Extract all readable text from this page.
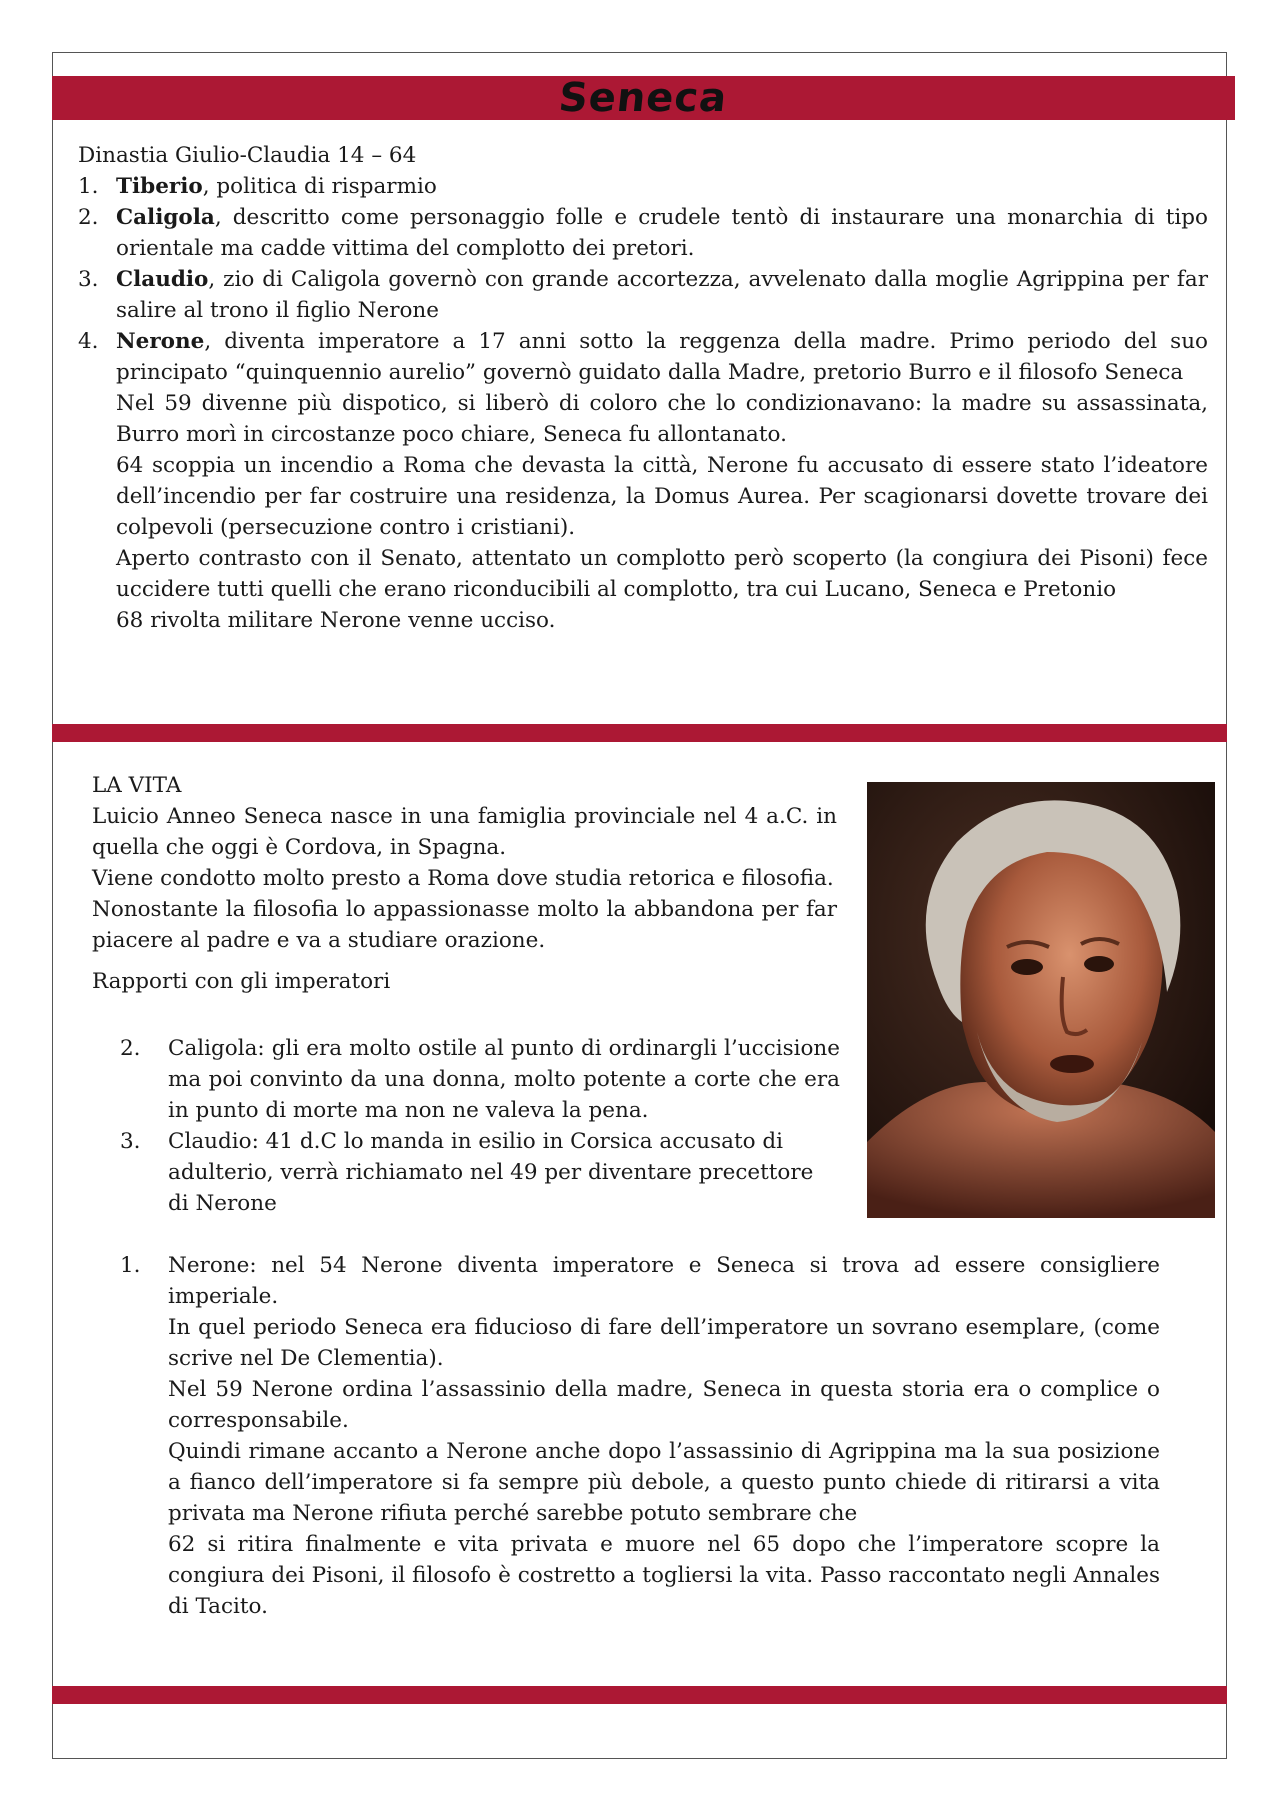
Seneca
Dinastia Giulio-Claudia 14 – 64
1. Tiberio, politica di risparmio
2. Caligola, descritto come personaggio folle e crudele tentò di instaurare una monarchia di tipo orientale ma cadde vittima del complotto dei pretori.
3. Claudio, zio di Caligola governò con grande accortezza, avvelenato dalla moglie Agrippina per far salire al trono il figlio Nerone
4. Nerone, diventa imperatore a 17 anni sotto la reggenza della madre. Primo periodo del suo principato “quinquennio aurelio” governò guidato dalla Madre, pretorio Burro e il filosofo Seneca

Nel 59 divenne più dispotico, si liberò di coloro che lo condizionavano: la madre su assassinata, Burro morì in circostanze poco chiare, Seneca fu allontanato.

64 scoppia un incendio a Roma che devasta la città, Nerone fu accusato di essere stato l’ideatore dell’incendio per far costruire una residenza, la Domus Aurea. Per scagionarsi dovette trovare dei colpevoli (persecuzione contro i cristiani).

Aperto contrasto con il Senato, attentato un complotto però scoperto (la congiura dei Pisoni) fece uccidere tutti quelli che erano riconducibili al complotto, tra cui Lucano, Seneca e Pretonio

68 rivolta militare Nerone venne ucciso.

LA VITA

Luicio Anneo Seneca nasce in una famiglia provinciale nel 4 a.C. in quella che oggi è Cordova, in Spagna.

Viene condotto molto presto a Roma dove studia retorica e filosofia.

Nonostante la filosofia lo appassionasse molto la abbandona per far piacere al padre e va a studiare orazione.

Rapporti con gli imperatori

2.	Caligola: gli era molto ostile al punto di ordinargli l’uccisione ma poi convinto da una donna, molto potente a corte che era in punto di morte ma non ne valeva la pena.
3.	Claudio: 41 d.C lo manda in esilio in Corsica accusato di adulterio, verrà richiamato nel 49 per diventare precettore di Nerone
1.	Nerone: nel 54 Nerone diventa imperatore e Seneca si trova ad essere consigliere imperiale.

In quel periodo Seneca era fiducioso di fare dell’imperatore un sovrano esemplare, (come scrive nel De Clementia).

Nel 59 Nerone ordina l’assassinio della madre, Seneca in questa storia era o complice o corresponsabile.

Quindi rimane accanto a Nerone anche dopo l’assassinio di Agrippina ma la sua posizione a fianco dell’imperatore si fa sempre più debole, a questo punto chiede di ritirarsi a vita privata ma Nerone rifiuta perché sarebbe potuto sembrare che

62 si ritira finalmente e vita privata e muore nel 65 dopo che l’imperatore scopre la congiura dei Pisoni, il filosofo è costretto a togliersi la vita. Passo raccontato negli Annales di Tacito.
